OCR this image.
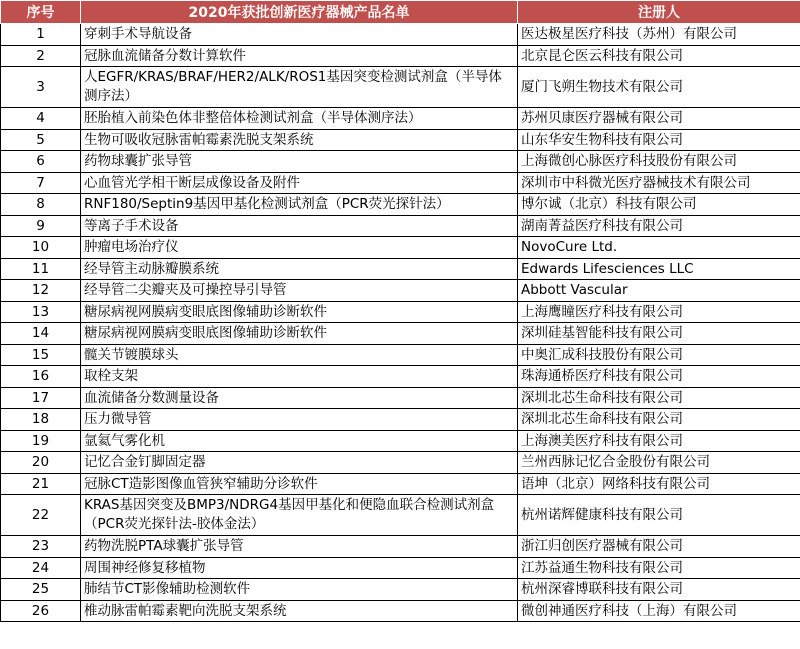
序号	2020年获批创新医疗器械产品名单	注册人
1	穿刺手术导航设备	医达极星医疗科技（苏州）有限公司
2	冠脉血流储备分数计算软件	北京昆仑医云科技有限公司
3	人EGFR/KRAS/BRAF/HER2/ALK/ROS1基因突变检测试剂盒（半导体测序法）	厦门飞朔生物技术有限公司
4	胚胎植入前染色体非整倍体检测试剂盒（半导体测序法）	苏州贝康医疗器械有限公司
5	生物可吸收冠脉雷帕霉素洗脱支架系统	山东华安生物科技有限公司
6	药物球囊扩张导管	上海微创心脉医疗科技股份有限公司
7	心血管光学相干断层成像设备及附件	深圳市中科微光医疗器械技术有限公司
8	RNF180/Septin9基因甲基化检测试剂盒（PCR荧光探针法）	博尔诚（北京）科技有限公司
9	等离子手术设备	湖南菁益医疗科技有限公司
10	肿瘤电场治疗仪	NovoCure Ltd.
11	经导管主动脉瓣膜系统	Edwards Lifesciences LLC
12	经导管二尖瓣夹及可操控导引导管	Abbott Vascular
13	糖尿病视网膜病变眼底图像辅助诊断软件	上海鹰瞳医疗科技有限公司
14	糖尿病视网膜病变眼底图像辅助诊断软件	深圳硅基智能科技有限公司
15	髋关节镀膜球头	中奥汇成科技股份有限公司
16	取栓支架	珠海通桥医疗科技有限公司
17	血流储备分数测量设备	深圳北芯生命科技有限公司
18	压力微导管	深圳北芯生命科技有限公司
19	氩氦气雾化机	上海澳美医疗科技有限公司
20	记忆合金钉脚固定器	兰州西脉记忆合金股份有限公司
21	冠脉CT造影图像血管狭窄辅助分诊软件	语坤（北京）网络科技有限公司
22	KRAS基因突变及BMP3/NDRG4基因甲基化和便隐血联合检测试剂盒（PCR荧光探针法-胶体金法）	杭州诺辉健康科技有限公司
23	药物洗脱PTA球囊扩张导管	浙江归创医疗器械有限公司
24	周围神经修复移植物	江苏益通生物科技有限公司
25	肺结节CT影像辅助检测软件	杭州深睿博联科技有限公司
26	椎动脉雷帕霉素靶向洗脱支架系统	微创神通医疗科技（上海）有限公司
